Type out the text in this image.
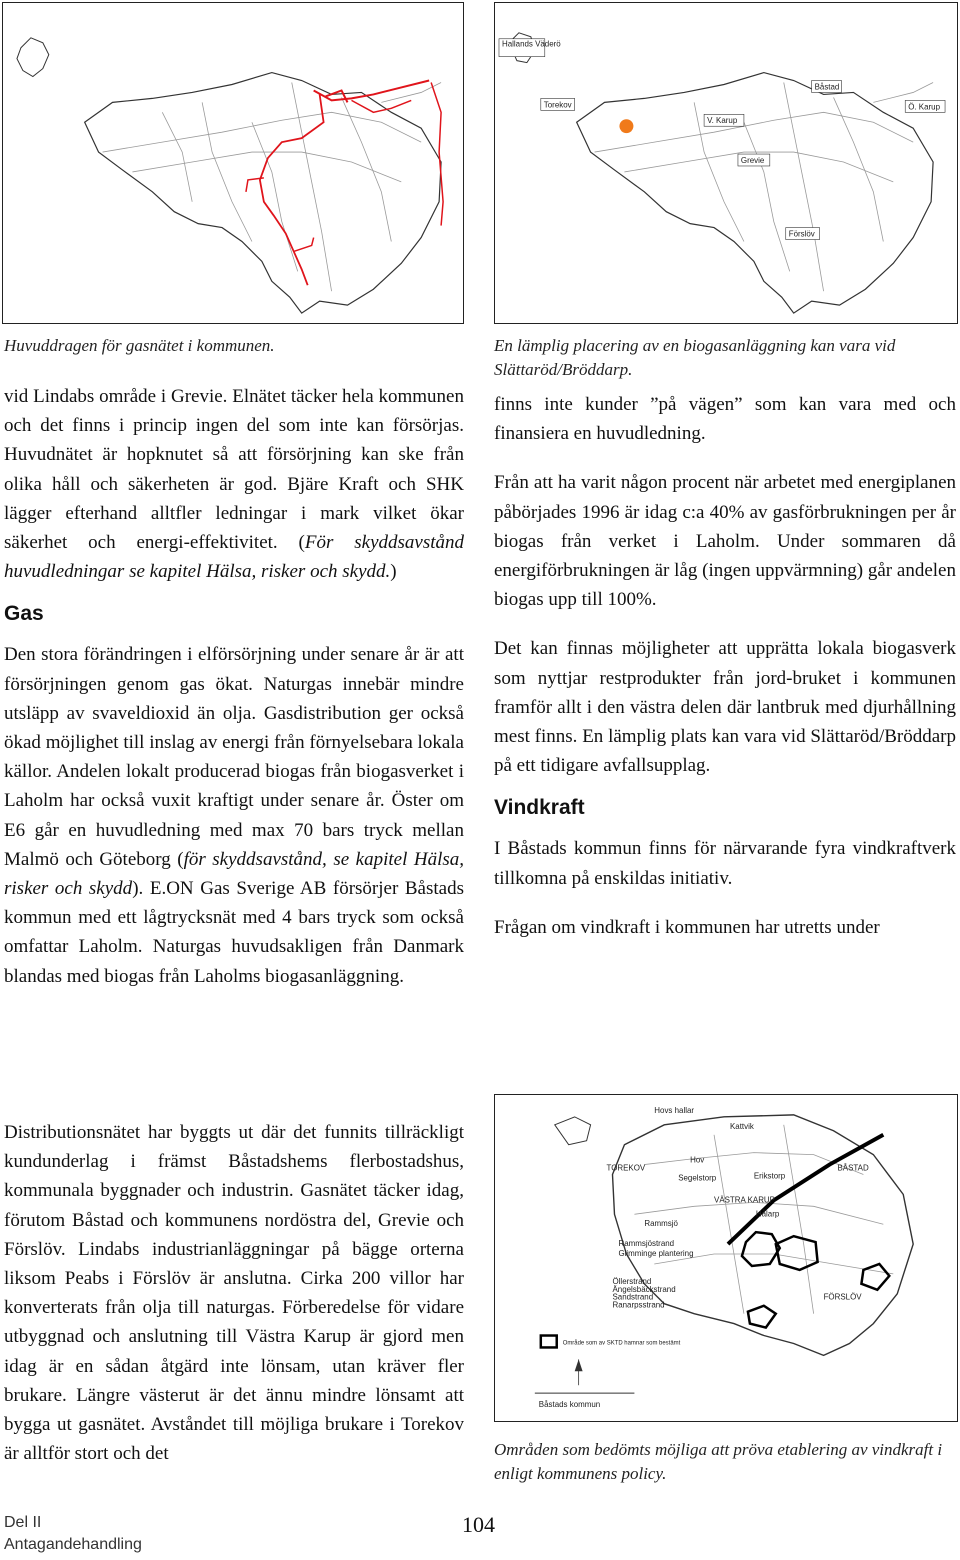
Huvuddragen för gasnätet i kommunen.
Hallands Väderö
Båstad
Torekov	Ö. Karup
V. Karup
Grevie
Förslöv
En lämplig placering av en biogasanläggning kan vara vid Slättaröd/Bröddarp.

vid Lindabs område i Grevie. Elnätet täcker hela kommunen och det finns i princip ingen del som inte kan försörjas. Huvudnätet är hopknutet så att försörjning kan ske från olika håll och säkerheten är god. Bjäre Kraft och SHK lägger efterhand alltfler ledningar i mark vilket ökar säkerhet och energi-effektivitet. (För skyddsavstånd huvudledningar se kapitel Hälsa, risker och skydd.)

Gas

Den stora förändringen i elförsörjning under senare år är att försörjningen genom gas ökat. Naturgas innebär mindre utsläpp av svaveldioxid än olja. Gasdistribution ger också ökad möjlighet till inslag av energi från förnyelsebara lokala källor. Andelen lokalt producerad biogas från biogasverket i Laholm har också vuxit kraftigt under senare år. Öster om E6 går en huvudledning med max 70 bars tryck mellan Malmö och Göteborg (för skyddsavstånd, se kapitel Hälsa, risker och skydd). E.ON Gas Sverige AB försörjer Båstads kommun med ett lågtrycksnät med 4 bars tryck som också omfattar Laholm. Naturgas huvudsakligen från Danmark blandas med biogas från Laholms biogasanläggning.

Distributionsnätet har byggts ut där det funnits tillräckligt kundunderlag i främst Båstadshems flerbostadshus, kommunala byggnader och industrin. Gasnätet täcker idag, förutom Båstad och kommunens nordöstra del, Grevie och Förslöv. Lindabs industrianläggningar på bägge orterna liksom Peabs i Förslöv är anslutna. Cirka 200 villor har konverterats från olja till naturgas. Förberedelse för vidare utbyggnad och anslutning till Västra Karup är gjord men idag är en sådan åtgärd inte lönsam, utan kräver fler brukare. Längre västerut är det ännu mindre lönsamt att bygga ut gasnätet. Avståndet till möjliga brukare i Torekov är alltför stort och det

finns inte kunder ”på vägen” som kan vara med och finansiera en huvudledning.

Från att ha varit någon procent när arbetet med energiplanen påbörjades 1996 är idag c:a 40% av gasförbrukningen per år biogas från verket i Laholm. Under sommaren då energiförbrukningen är låg (ingen uppvärmning) går andelen biogas upp till 100%.

Det kan finnas möjligheter att upprätta lokala biogasverk som nyttjar restprodukter från jord-bruket i kommunen framför allt i den västra delen där lantbruk med djurhållning mest finns. En lämplig plats kan vara vid Slättaröd/Bröddarp på ett tidigare avfallsupplag.

Vindkraft

I Båstads kommun finns för närvarande fyra vindkraftverk tillkomna på enskildas initiativ.

Frågan om vindkraft i kommunen har utretts under

Hovs hallar
Kattvik
TOREKOV
Hov
Segelstorp	Erikstorp
BÅSTAD
VÄSTRA KARUP
Hålarp
Rammsjö
Rammsjöstrand
Glimminge plantering
Öllerstrand
Ängelsbäckstrand
Sandstrand
Ranarpsstrand
FÖRSLÖV
Område som av SKTD hamnar som bestämt
Båstads kommun
Områden som bedömts möjliga att pröva etablering av vindkraft i enligt kommunens policy.
Del II
Antagandehandling
104
